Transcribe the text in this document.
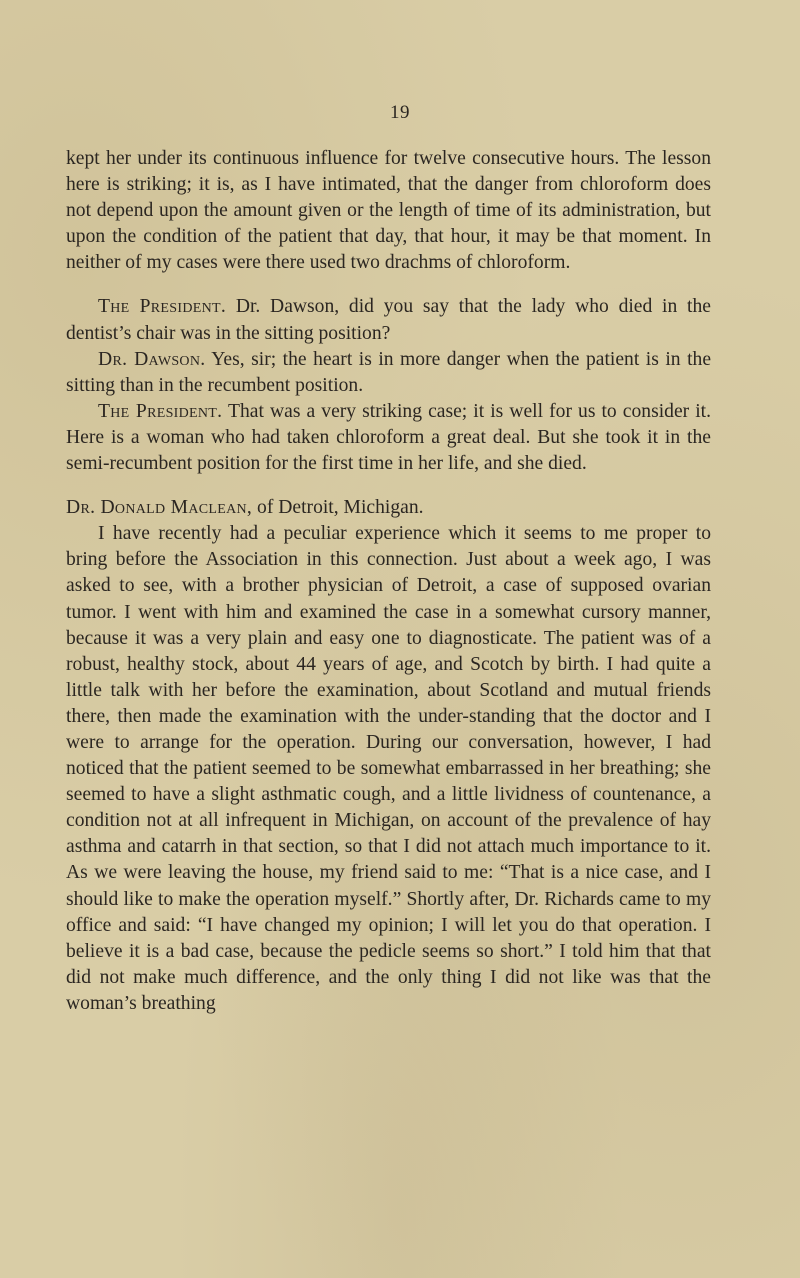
19

kept her under its continuous influence for twelve consecutive hours. The lesson here is striking; it is, as I have intimated, that the danger from chloroform does not depend upon the amount given or the length of time of its administration, but upon the condition of the patient that day, that hour, it may be that moment. In neither of my cases were there used two drachms of chloroform.

The President. Dr. Dawson, did you say that the lady who died in the dentist’s chair was in the sitting position?

Dr. Dawson. Yes, sir; the heart is in more danger when the patient is in the sitting than in the recumbent position.

The President. That was a very striking case; it is well for us to consider it. Here is a woman who had taken chloroform a great deal. But she took it in the semi-recumbent position for the first time in her life, and she died.

Dr. Donald Maclean, of Detroit, Michigan.

I have recently had a peculiar experience which it seems to me proper to bring before the Association in this connection. Just about a week ago, I was asked to see, with a brother physician of Detroit, a case of supposed ovarian tumor. I went with him and examined the case in a somewhat cursory manner, because it was a very plain and easy one to diagnosticate. The patient was of a robust, healthy stock, about 44 years of age, and Scotch by birth. I had quite a little talk with her before the examination, about Scotland and mutual friends there, then made the examination with the under-standing that the doctor and I were to arrange for the operation. During our conversation, however, I had noticed that the patient seemed to be somewhat embarrassed in her breathing; she seemed to have a slight asthmatic cough, and a little lividness of countenance, a condition not at all infrequent in Michigan, on account of the prevalence of hay asthma and catarrh in that section, so that I did not attach much importance to it. As we were leaving the house, my friend said to me: “That is a nice case, and I should like to make the operation myself.” Shortly after, Dr. Richards came to my office and said: “I have changed my opinion; I will let you do that operation. I believe it is a bad case, because the pedicle seems so short.” I told him that that did not make much difference, and the only thing I did not like was that the woman’s breathing
